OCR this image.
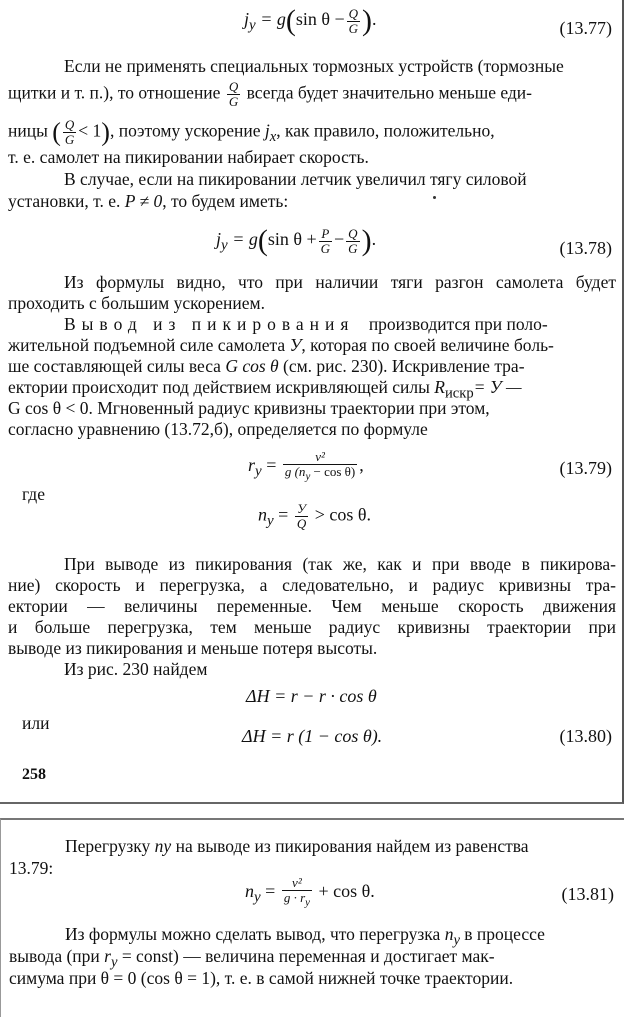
$j_y = g(\sin$ $\theta - \frac{Q}{G}$ ).	(13.77)
Если не применять специальных тормозных устройств (тормозные
щитки и т. п.), то отношение $\frac{Q}{G}$ всегда будет значительно меньше еди-
ницы ( $\frac{Q}{G} < 1$), поэтому ускорение $j_x$, как правило, положительно,
т. е. самолет на пикировании набирает скорость.
В случае, если на пикировании летчик увеличил тягу силовой
установки, т. е. P ≠ 0, то будем иметь:
$j_y = g(\sin$ $\theta + \frac{P}{G} - \frac{Q}{G}$ ).	(13.78)
Из формулы видно, что при наличии тяги разгон самолета будет
проходить с большим ускорением.
Вывод из пикирования производится при поло-
жительной подъемной силе самолета У, которая по своей величине боль-
ше составляющей силы веса G cos θ (см. рис. 230). Искривление тра-
ектории происходит под действием искривляющей силы $R_{искр}= У$ —
G cos θ < 0. Мгновенный радиус кривизны траектории при этом,
согласно уравнению (13.72,б), определяется по формуле
$r_y = \frac{\text{v²}}{g (n_y - \cos \theta)}$ ,	(13.79)
где
$n_y = \frac{У}{Q} > \cos \theta$.
При выводе из пикирования (так же, как и при вводе в пикирова-
ние) скорость и перегрузка, а следовательно, и радиус кривизны тра-
ектории — величины переменные. Чем меньше скорость движения
и больше перегрузка, тем меньше радиус кривизны траектории при
выводе из пикирования и меньше потеря высоты.
Из рис. 230 найдем
ΔH = r − r · cos θ
или
ΔH = r (1 − cos θ).	(13.80)
258
Перегрузку ny на выводе из пикирования найдем из равенства
13.79:
$n_y = \frac{\text{v²}}{g \cdot r_y} + \cos \theta$.	(13.81)
Из формулы можно сделать вывод, что перегрузка $n_y$ в процессе
вывода (при $r_y$ = const) — величина переменная и достигает мак-
симума при θ = 0 (cos θ = 1), т. е. в самой нижней точке траектории.
